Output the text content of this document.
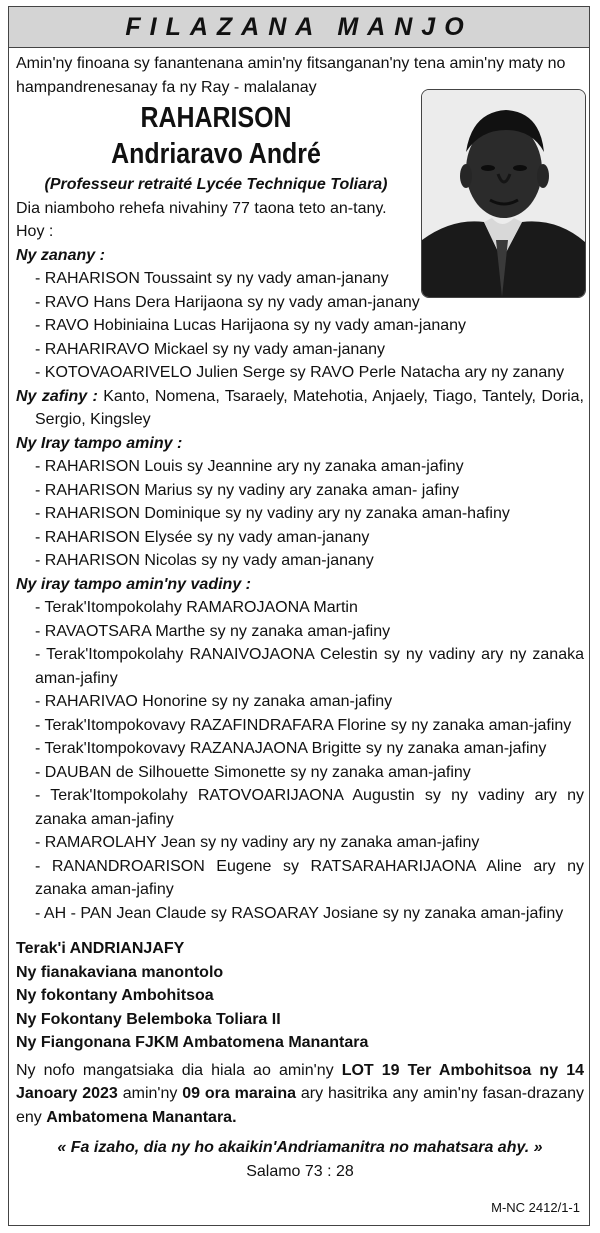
FILAZANA MANJO

Amin'ny finoana sy fanantenana amin'ny fitsanganan'ny tena amin'ny maty no hampandrenesanay fa ny Ray - malalanay

RAHARISON
Andriaravo André
(Professeur retraité Lycée Technique Toliara)

Dia niamboho rehefa nivahiny 77 taona teto an-tany.

Hoy :

Ny zanany :

- RAHARISON Toussaint sy ny vady aman-janany
- RAVO Hans Dera Harijaona sy ny vady aman-janany
- RAVO Hobiniaina Lucas Harijaona sy ny vady aman-janany
- RAHARIRAVO Mickael sy ny vady aman-janany
- KOTOVAOARIVELO Julien Serge sy RAVO Perle Natacha ary ny zanany

Ny zafiny : Kanto, Nomena, Tsaraely, Matehotia, Anjaely, Tiago, Tantely, Doria, Sergio, Kingsley

Ny Iray tampo aminy :

- RAHARISON Louis sy Jeannine ary ny zanaka aman-jafiny
- RAHARISON Marius sy ny vadiny ary zanaka aman- jafiny
- RAHARISON Dominique sy ny vadiny ary ny zanaka aman-hafiny
- RAHARISON Elysée sy ny vady aman-janany
- RAHARISON Nicolas sy ny vady aman-janany

Ny iray tampo amin'ny vadiny :

- Terak'Itompokolahy RAMAROJAONA Martin
- RAVAOTSARA Marthe sy ny zanaka aman-jafiny
- Terak'Itompokolahy RANAIVOJAONA Celestin sy ny vadiny ary ny zanaka aman-jafiny
- RAHARIVAO Honorine sy ny zanaka aman-jafiny
- Terak'Itompokovavy RAZAFINDRAFARA Florine sy ny zanaka aman-jafiny
- Terak'Itompokovavy RAZANAJAONA Brigitte sy ny zanaka aman-jafiny
- DAUBAN de Silhouette Simonette sy ny zanaka aman-jafiny
- Terak'Itompokolahy RATOVOARIJAONA Augustin sy ny vadiny ary ny zanaka aman-jafiny
- RAMAROLAHY Jean sy ny vadiny ary ny zanaka aman-jafiny
- RANANDROARISON Eugene sy RATSARAHARIJAONA Aline ary ny zanaka aman-jafiny
- AH - PAN Jean Claude sy RASOARAY Josiane sy ny zanaka aman-jafiny

Terak'i ANDRIANJAFY

Ny fianakaviana manontolo

Ny fokontany Ambohitsoa

Ny Fokontany Belemboka Toliara II

Ny Fiangonana FJKM Ambatomena Manantara

Ny nofo mangatsiaka dia hiala ao amin'ny LOT 19 Ter Ambohitsoa ny 14 Janoary 2023 amin'ny 09 ora maraina ary hasitrika any amin'ny fasan-drazany eny Ambatomena Manantara.

« Fa izaho, dia ny ho akaikin'Andriamanitra no mahatsara ahy. »

Salamo 73 : 28

M-NC 2412/1-1
